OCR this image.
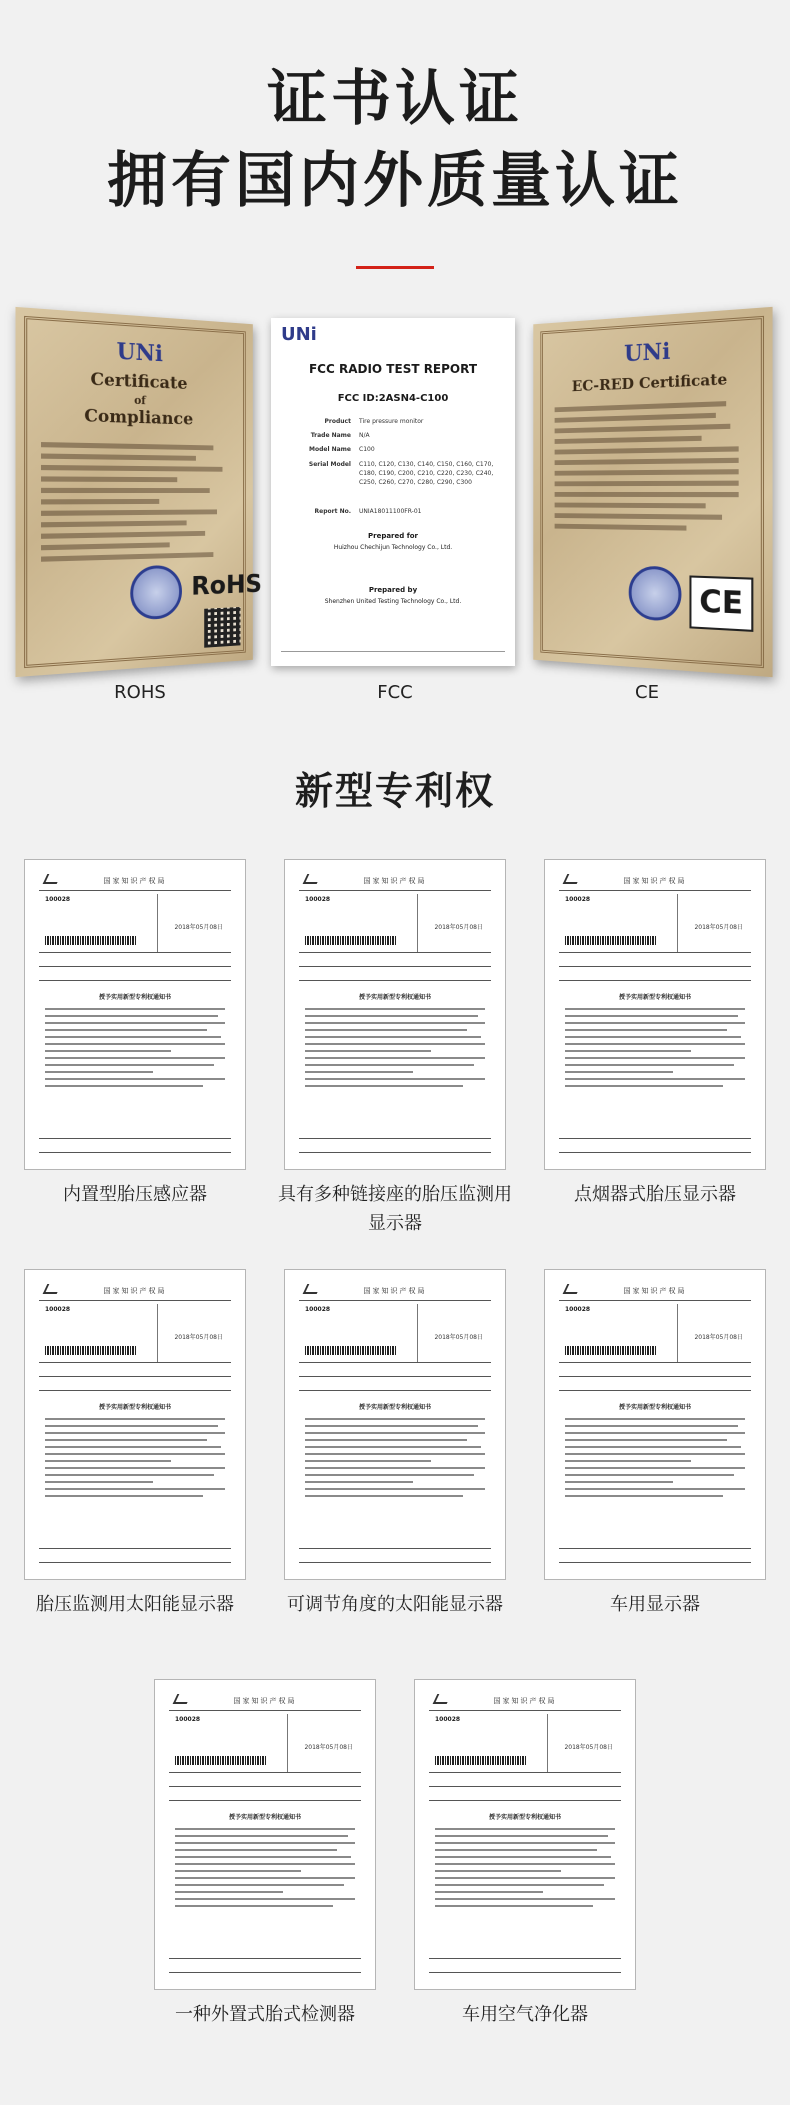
证书认证
拥有国内外质量认证
UNi
Certificate
of
Compliance
RoHS
UNi
FCC RADIO TEST REPORT
FCC ID:2ASN4-C100
Product Tire pressure monitor
Trade Name N/A
Model Name C100
Serial Model C110, C120, C130, C140, C150, C160, C170, C180, C190, C200, C210, C220, C230, C240, C250, C260, C270, C280, C290, C300
Report No. UNIA18011100FR-01
Prepared for
Huizhou Chechijun Technology Co., Ltd.
Prepared by
Shenzhen United Testing Technology Co., Ltd.
UNi
EC-RED Certificate
CE
ROHS	FCC	CE
新型专利权
国家知识产权局
100028
2018年05月08日
授予实用新型专利权通知书
内置型胎压感应器
国家知识产权局
100028
2018年05月08日
授予实用新型专利权通知书
具有多种链接座的胎压监测用显示器
国家知识产权局
100028
2018年05月08日
授予实用新型专利权通知书
点烟器式胎压显示器
国家知识产权局
100028
2018年05月08日
授予实用新型专利权通知书
胎压监测用太阳能显示器
国家知识产权局
100028
2018年05月08日
授予实用新型专利权通知书
可调节角度的太阳能显示器
国家知识产权局
100028
2018年05月08日
授予实用新型专利权通知书
车用显示器
国家知识产权局
100028
2018年05月08日
授予实用新型专利权通知书
一种外置式胎式检测器
国家知识产权局
100028
2018年05月08日
授予实用新型专利权通知书
车用空气净化器
